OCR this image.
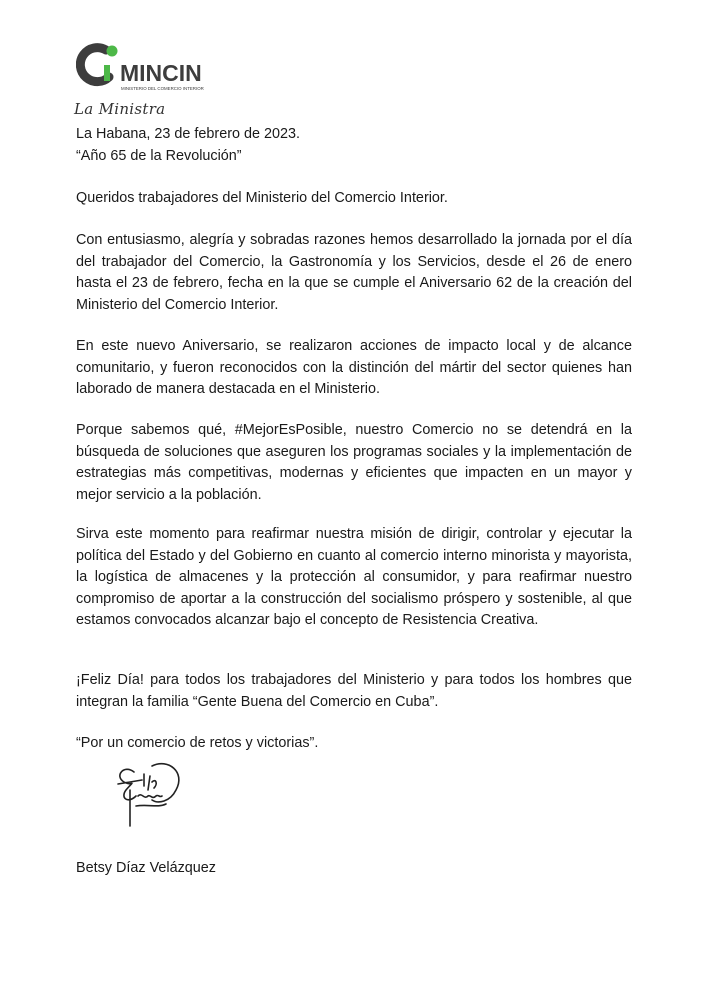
MINCIN
MINISTERIO DEL COMERCIO INTERIOR
La Ministra

La Habana, 23 de febrero de 2023.

“Año 65 de la Revolución”

Queridos trabajadores del Ministerio del Comercio Interior.

Con entusiasmo, alegría y sobradas razones hemos desarrollado la jornada por el día del trabajador del Comercio, la Gastronomía y los Servicios, desde el 26 de enero hasta el 23 de febrero, fecha en la que se cumple el Aniversario 62 de la creación del Ministerio del Comercio Interior.

En este nuevo Aniversario, se realizaron acciones de impacto local y de alcance comunitario, y fueron reconocidos con la distinción del mártir del sector quienes han laborado de manera destacada en el Ministerio.

Porque sabemos qué, #MejorEsPosible, nuestro Comercio no se detendrá en la búsqueda de soluciones que aseguren los programas sociales y la implementación de estrategias más competitivas, modernas y eficientes que impacten en un mayor y mejor servicio a la población.

Sirva este momento para reafirmar nuestra misión de dirigir, controlar y ejecutar la política del Estado y del Gobierno en cuanto al comercio interno minorista y mayorista, la logística de almacenes y la protección al consumidor, y para reafirmar nuestro compromiso de aportar a la construcción del socialismo próspero y sostenible, al que estamos convocados alcanzar bajo el concepto de Resistencia Creativa.

¡Feliz Día! para todos los trabajadores del Ministerio y para todos los hombres que integran la familia “Gente Buena del Comercio en Cuba”.

“Por un comercio de retos y victorias”.

Betsy Díaz Velázquez
